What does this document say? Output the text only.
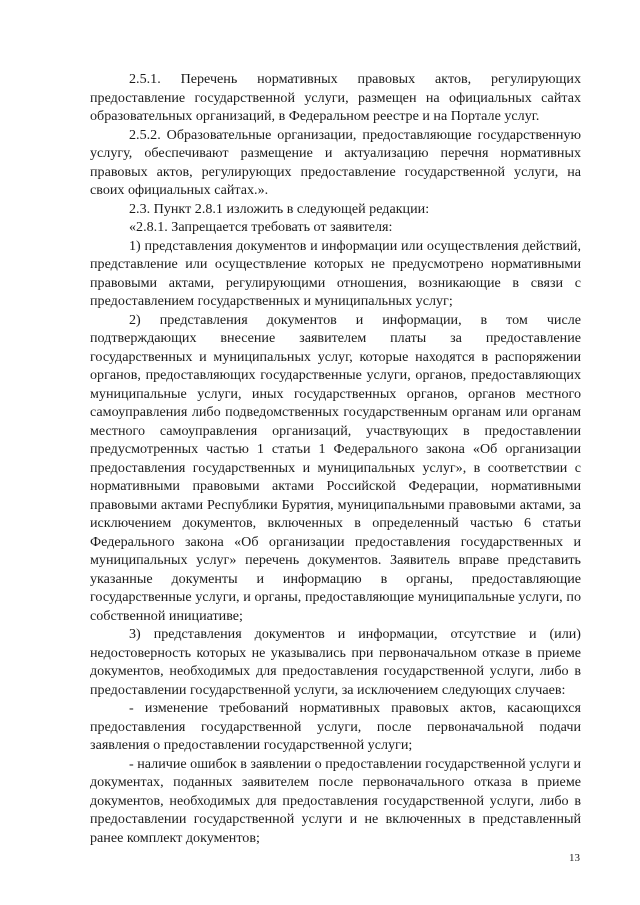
2.5.1. Перечень нормативных правовых актов, регулирующих предоставление государственной услуги, размещен на официальных сайтах образовательных организаций, в Федеральном реестре и на Портале услуг.

2.5.2. Образовательные организации, предоставляющие государственную услугу, обеспечивают размещение и актуализацию перечня нормативных правовых актов, регулирующих предоставление государственной услуги, на своих официальных сайтах.».

2.3. Пункт 2.8.1 изложить в следующей редакции:

«2.8.1. Запрещается требовать от заявителя:

1) представления документов и информации или осуществления действий, представление или осуществление которых не предусмотрено нормативными правовыми актами, регулирующими отношения, возникающие в связи с предоставлением государственных и муниципальных услуг;

2) представления документов и информации, в том числе подтверждающих внесение заявителем платы за предоставление государственных и муниципальных услуг, которые находятся в распоряжении органов, предоставляющих государственные услуги, органов, предоставляющих муниципальные услуги, иных государственных органов, органов местного самоуправления либо подведомственных государственным органам или органам местного самоуправления организаций, участвующих в предоставлении предусмотренных частью 1 статьи 1 Федерального закона «Об организации предоставления государственных и муниципальных услуг», в соответствии с нормативными правовыми актами Российской Федерации, нормативными правовыми актами Республики Бурятия, муниципальными правовыми актами, за исключением документов, включенных в определенный частью 6 статьи Федерального закона «Об организации предоставления государственных и муниципальных услуг» перечень документов. Заявитель вправе представить указанные документы и информацию в органы, предоставляющие государственные услуги, и органы, предоставляющие муниципальные услуги, по собственной инициативе;

3) представления документов и информации, отсутствие и (или) недостоверность которых не указывались при первоначальном отказе в приеме документов, необходимых для предоставления государственной услуги, либо в предоставлении государственной услуги, за исключением следующих случаев:

- изменение требований нормативных правовых актов, касающихся предоставления государственной услуги, после первоначальной подачи заявления о предоставлении государственной услуги;

- наличие ошибок в заявлении о предоставлении государственной услуги и документах, поданных заявителем после первоначального отказа в приеме документов, необходимых для предоставления государственной услуги, либо в предоставлении государственной услуги и не включенных в представленный ранее комплект документов;

13
